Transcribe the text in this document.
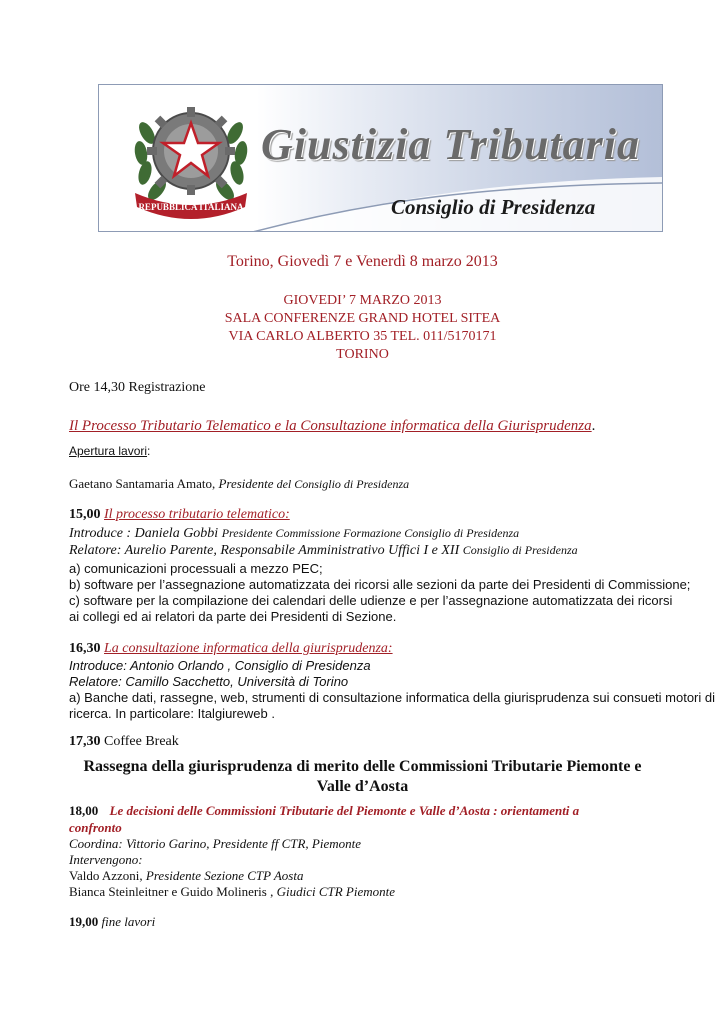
REPUBBLICA ITALIANA
Giustizia Tributaria
Consiglio di Presidenza
Torino, Giovedì 7 e Venerdì 8 marzo 2013
GIOVEDI’ 7 MARZO 2013
SALA CONFERENZE GRAND HOTEL SITEA
VIA CARLO ALBERTO 35 TEL. 011/5170171
TORINO
Ore 14,30 Registrazione
Il Processo Tributario Telematico e la Consultazione informatica della Giurisprudenza.
Apertura lavori:
Gaetano Santamaria Amato, Presidente del Consiglio di Presidenza
15,00 Il processo tributario telematico:
Introduce : Daniela Gobbi Presidente Commissione Formazione Consiglio di Presidenza
Relatore: Aurelio Parente, Responsabile Amministrativo Uffici I e XII Consiglio di Presidenza
a) comunicazioni processuali a mezzo PEC;
b) software per l’assegnazione automatizzata dei ricorsi alle sezioni da parte dei Presidenti di Commissione;
c) software per la compilazione dei calendari delle udienze e per l’assegnazione automatizzata dei ricorsi
ai collegi ed ai relatori da parte dei Presidenti di Sezione.
16,30 La consultazione informatica della giurisprudenza:
Introduce: Antonio Orlando , Consiglio di Presidenza
Relatore: Camillo Sacchetto, Università di Torino
a) Banche dati, rassegne, web, strumenti di consultazione informatica della giurisprudenza sui consueti motori di
ricerca. In particolare: Italgiureweb .
17,30 Coffee Break
Rassegna della giurisprudenza di merito delle Commissioni Tributarie Piemonte e
Valle d’Aosta
18,00 Le decisioni delle Commissioni Tributarie del Piemonte e Valle d’Aosta : orientamenti a
confronto
Coordina: Vittorio Garino, Presidente ff CTR, Piemonte
Intervengono:
Valdo Azzoni, Presidente Sezione CTP Aosta
Bianca Steinleitner e Guido Molineris , Giudici CTR Piemonte
19,00 fine lavori
